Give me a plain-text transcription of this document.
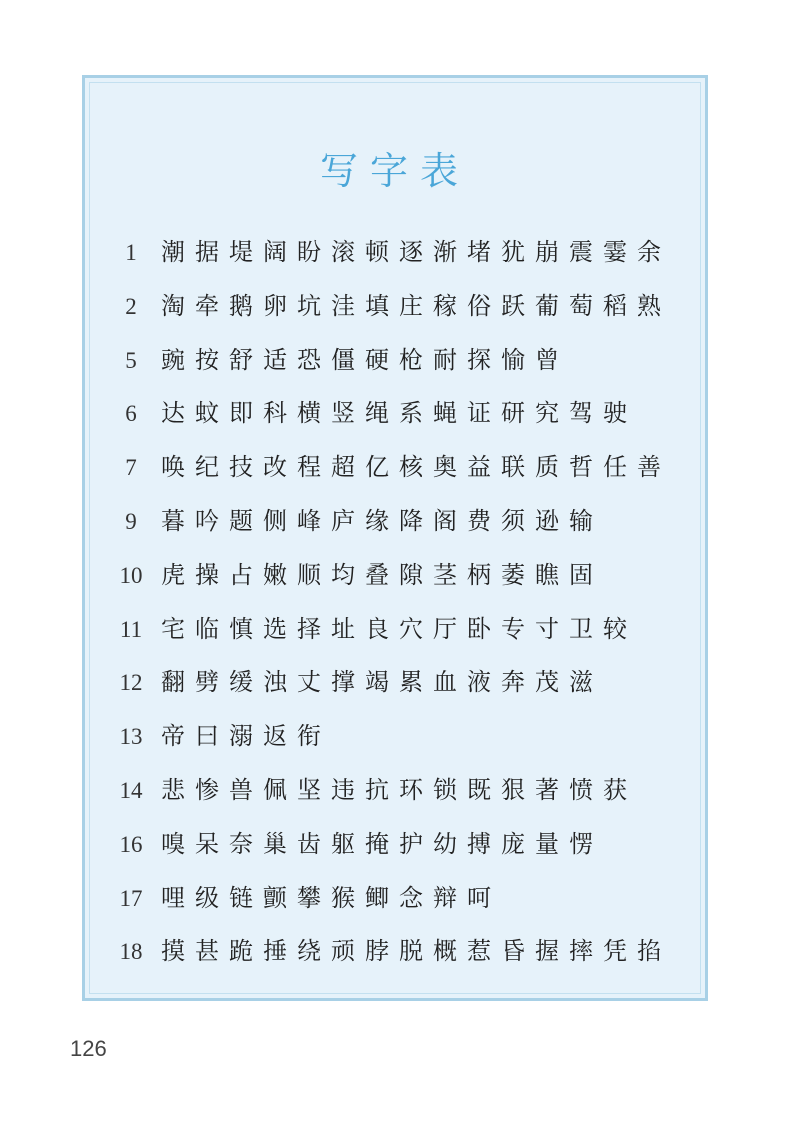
写字表
1	潮据堤阔盼滚顿逐渐堵犹崩震霎余
2	淘牵鹅卵坑洼填庄稼俗跃葡萄稻熟
5	豌按舒适恐僵硬枪耐探愉曾
6	达蚊即科横竖绳系蝇证研究驾驶
7	唤纪技改程超亿核奥益联质哲任善
9	暮吟题侧峰庐缘降阁费须逊输
10 虎操占嫩顺均叠隙茎柄萎瞧固
11 宅临慎选择址良穴厅卧专寸卫较
12 翻劈缓浊丈撑竭累血液奔茂滋
13 帝曰溺返衔
14 悲惨兽佩坚违抗环锁既狠著愤获
16 嗅呆奈巢齿躯掩护幼搏庞量愣
17 哩级链颤攀猴鲫念辩呵
18 摸甚跪捶绕顽脖脱概惹昏握摔凭掐
126
